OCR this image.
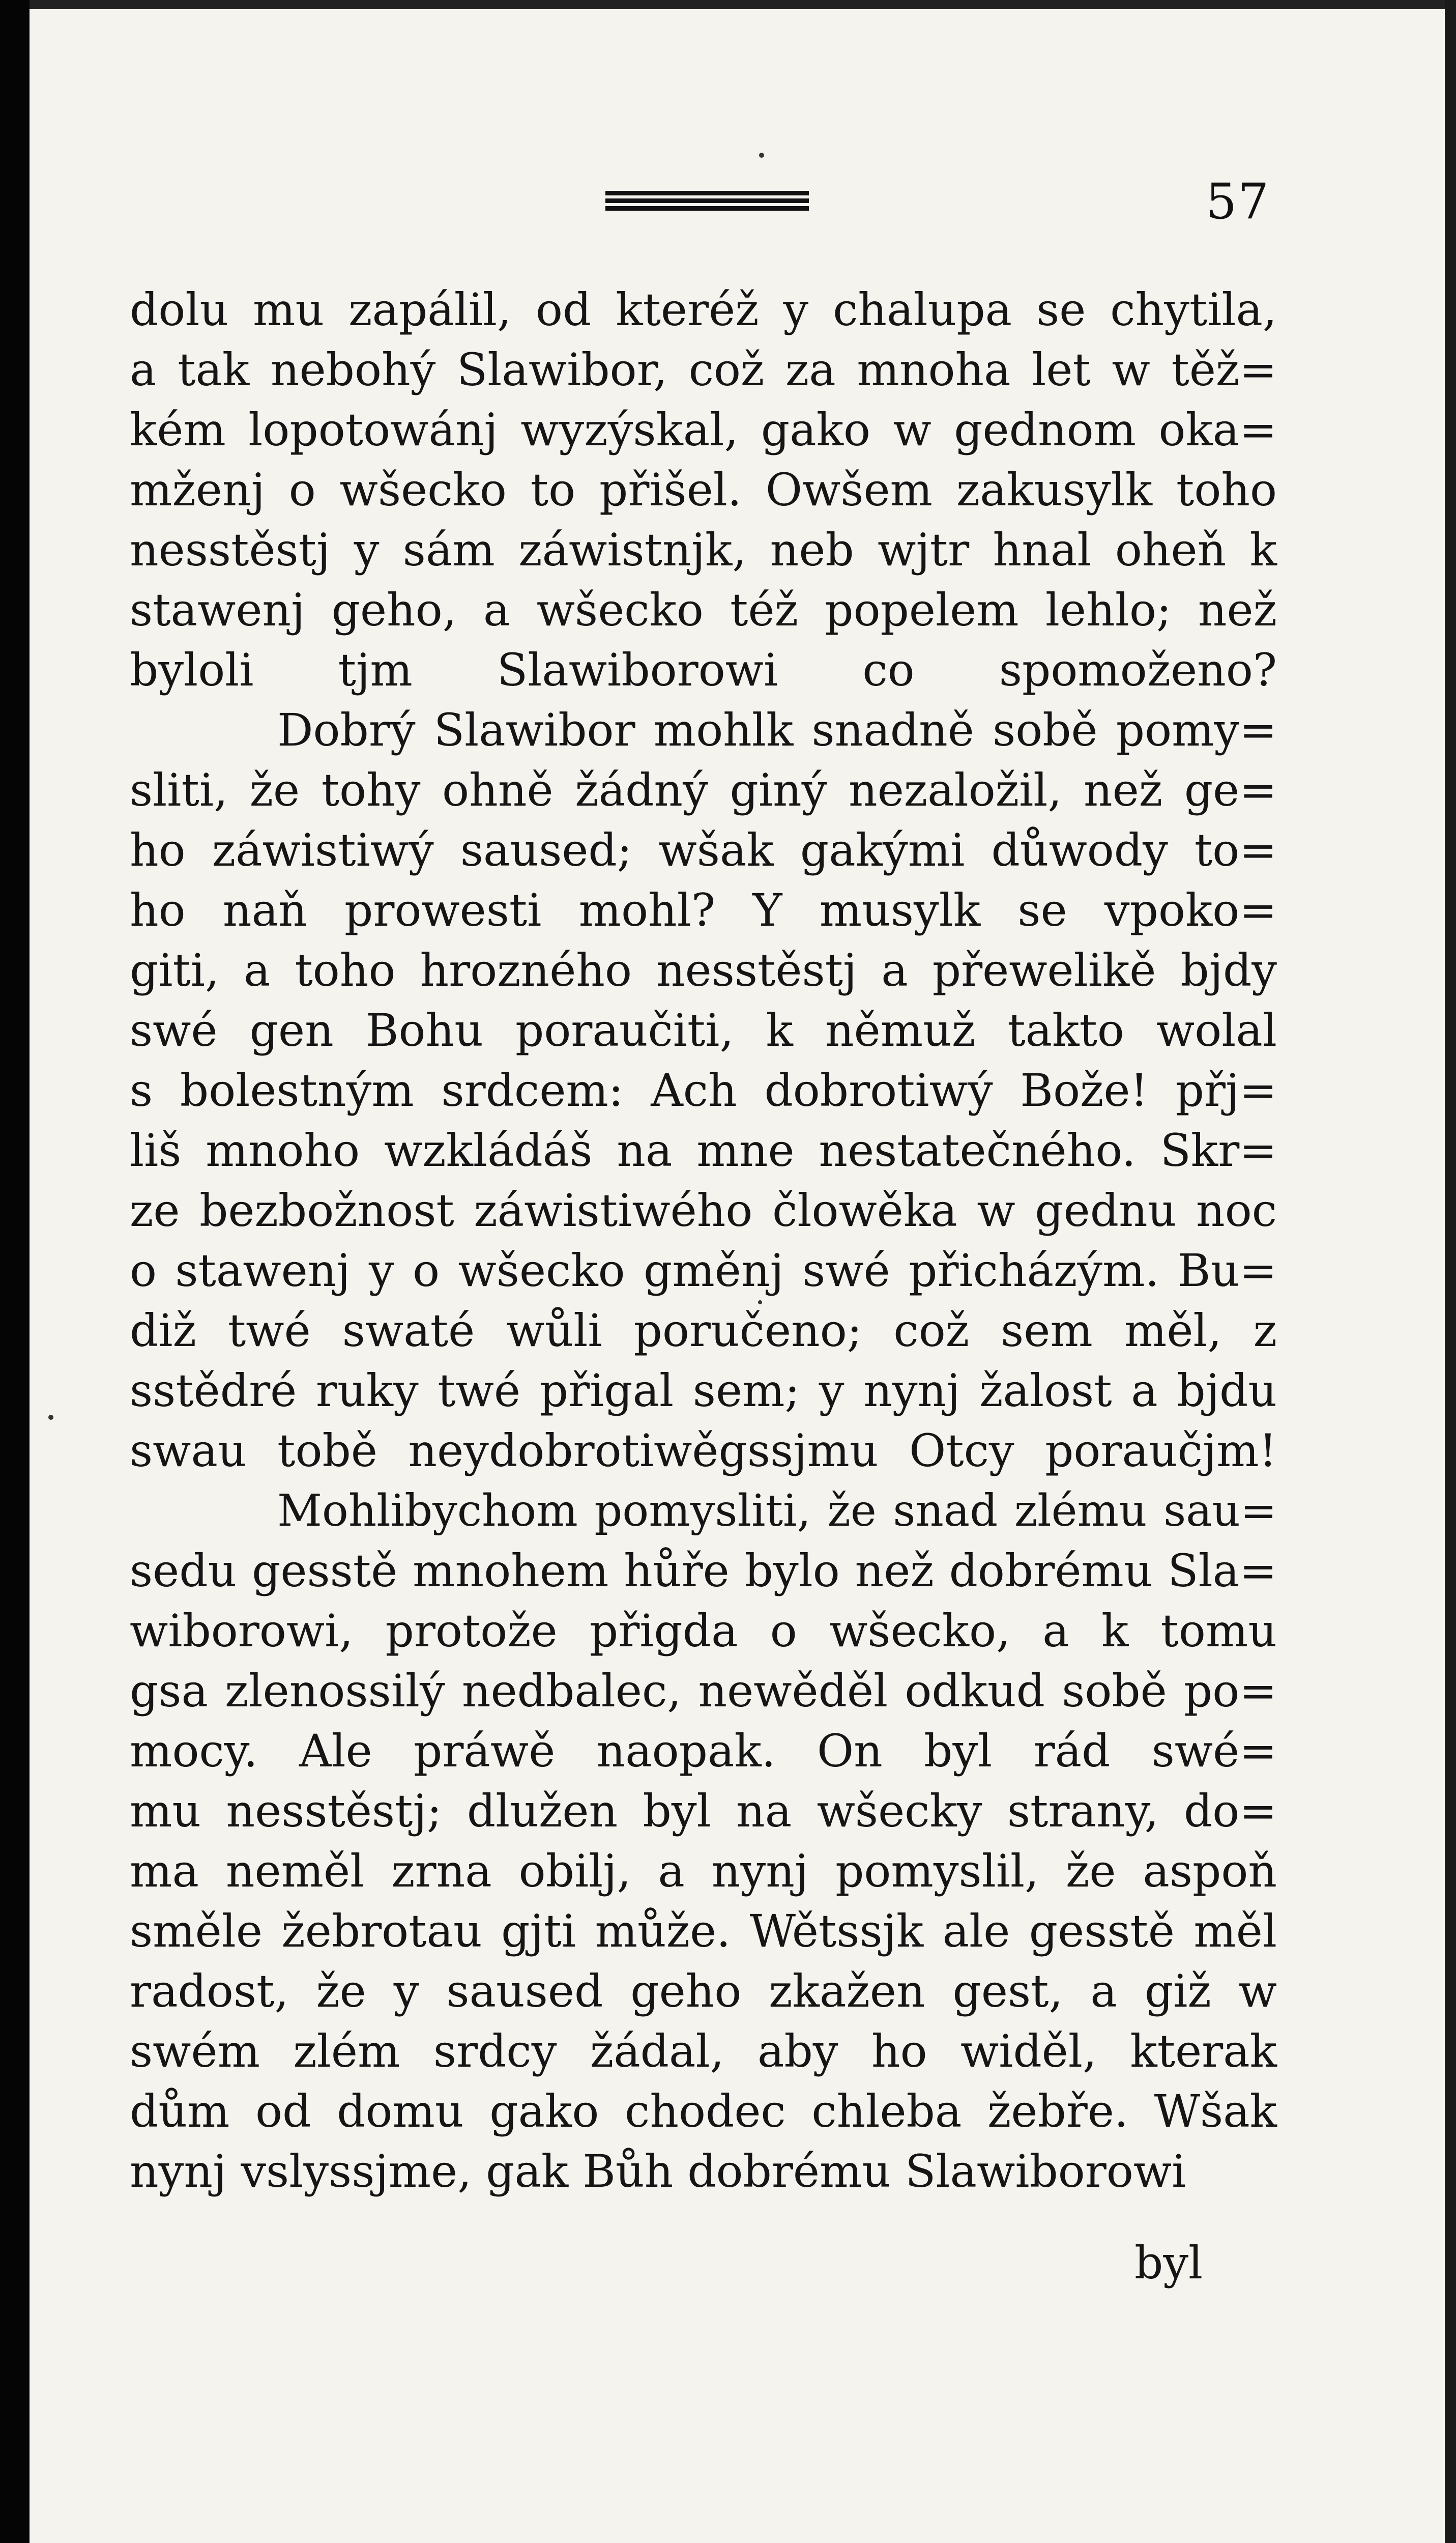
57
dolu mu zapálil, od kteréž y chalupa se chytila,
a tak nebohý Slawibor, což za mnoha let w těž=
kém lopotowánj wyzýskal, gako w gednom oka=
mženj o wšecko to přišel. Owšem zakusylk toho
nesstěstj y sám záwistnjk, neb wjtr hnal oheň k
stawenj geho, a wšecko též popelem lehlo; než
byloli tjm Slawiborowi co spomoženo?
Dobrý Slawibor mohlk snadně sobě pomy=
sliti, že tohy ohně žádný giný nezaložil, než ge=
ho záwistiwý saused; wšak gakými důwody to=
ho naň prowesti mohl? Y musylk se vpoko=
giti, a toho hrozného nesstěstj a přewelikě bjdy
swé gen Bohu poraučiti, k němuž takto wolal
s bolestným srdcem: Ach dobrotiwý Bože! přj=
liš mnoho wzkládáš na mne nestatečného. Skr=
ze bezbožnost záwistiwého člowěka w gednu noc
o stawenj y o wšecko gměnj swé přicházým. Bu=
diž twé swaté wůli poručeno; což sem měl, z
sstědré ruky twé přigal sem; y nynj žalost a bjdu
swau tobě neydobrotiwěgssjmu Otcy poraučjm!
Mohlibychom pomysliti, že snad zlému sau=
sedu gesstě mnohem hůře bylo než dobrému Sla=
wiborowi, protože přigda o wšecko, a k tomu
gsa zlenossilý nedbalec, newěděl odkud sobě po=
mocy. Ale práwě naopak. On byl rád swé=
mu nesstěstj; dlužen byl na wšecky strany, do=
ma neměl zrna obilj, a nynj pomyslil, že aspoň
směle žebrotau gjti může. Wětssjk ale gesstě měl
radost, že y saused geho zkažen gest, a giž w
swém zlém srdcy žádal, aby ho widěl, kterak
dům od domu gako chodec chleba žebře. Wšak
nynj vslyssjme, gak Bůh dobrému Slawiborowi
byl
